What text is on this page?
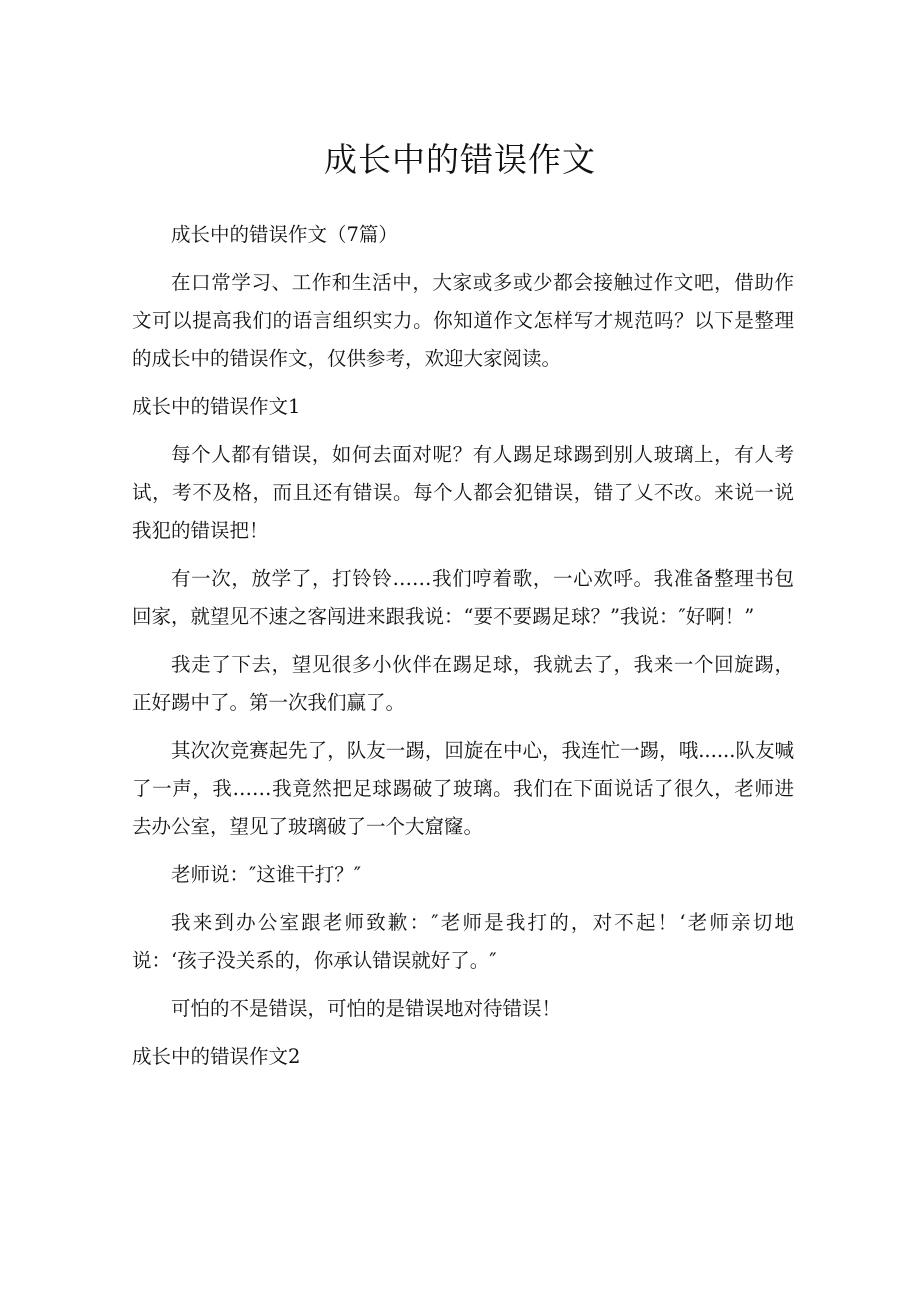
成长中的错误作文

成长中的错误作文（7篇）

在口常学习、工作和生活中，大家或多或少都会接触过作文吧，借助作文可以提高我们的语言组织实力。你知道作文怎样写才规范吗？以下是整理的成长中的错误作文，仅供参考，欢迎大家阅读。

成长中的错误作文1

每个人都有错误，如何去面对呢？有人踢足球踢到别人玻璃上，有人考试，考不及格，而且还有错误。每个人都会犯错误，错了乂不改。来说一说我犯的错误把！

有一次，放学了，打铃铃……我们哼着歌，一心欢呼。我准备整理书包回家，就望见不速之客闯进来跟我说：“要不要踢足球？”我说：″好啊！”

我走了下去，望见很多小伙伴在踢足球，我就去了，我来一个回旋踢，正好踢中了。第一次我们赢了。

其次次竞赛起先了，队友一踢，回旋在中心，我连忙一踢，哦......队友喊了一声，我……我竟然把足球踢破了玻璃。我们在下面说话了很久，老师进去办公室，望见了玻璃破了一个大窟窿。

老师说：″这谁干打？″

我来到办公室跟老师致歉：″老师是我打的，对不起！‘老师亲切地说：‘孩子没关系的，你承认错误就好了。″

可怕的不是错误，可怕的是错误地对待错误！

成长中的错误作文2
